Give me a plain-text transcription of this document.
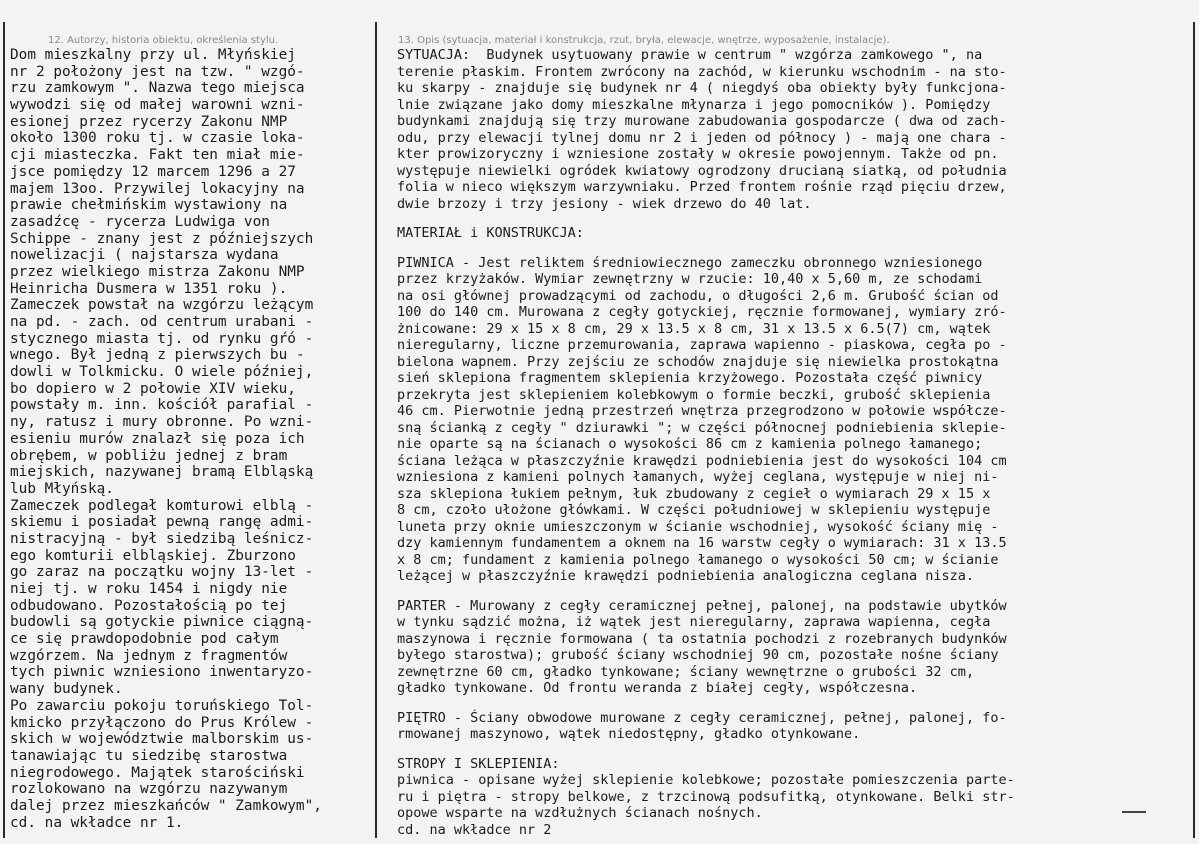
12. Autorzy, historia obiektu, określenia stylu.	13. Opis (sytuacja, materiał i konstrukcja, rzut, bryła, elewacje, wnętrze, wyposażenie, instalacje).
Dom mieszkalny przy ul. Młyńskiej
nr 2 położony jest na tzw. " wzgó-
rzu zamkowym ". Nazwa tego miejsca
wywodzi się od małej warowni wzni-
esionej przez rycerzy Zakonu NMP
około 1300 roku tj. w czasie loka-
cji miasteczka. Fakt ten miał mie-
jsce pomiędzy 12 marcem 1296 a 27
majem 13oo. Przywilej lokacyjny na
prawie chełmińskim wystawiony na
zasadźcę - rycerza Ludwiga von
Schippe - znany jest z późniejszych
nowelizacji ( najstarsza wydana
przez wielkiego mistrza Zakonu NMP
Heinricha Dusmera w 1351 roku ).
Zameczek powstał na wzgórzu leżącym
na pd. - zach. od centrum urabani -
stycznego miasta tj. od rynku gŕó -
wnego. Był jedną z pierwszych bu -
dowli w Tolkmicku. O wiele później,
bo dopiero w 2 połowie XIV wieku,
powstały m. inn. kościół parafial -
ny, ratusz i mury obronne. Po wzni-
esieniu murów znalazł się poza ich
obrębem, w pobliżu jednej z bram
miejskich, nazywanej bramą Elbląską
lub Młyńską.
Zameczek podlegał komturowi elblą -
skiemu i posiadał pewną rangę admi-
nistracyjną - był siedzibą leśnicz-
ego komturii elbląskiej. Zburzono
go zaraz na początku wojny 13-let -
niej tj. w roku 1454 i nigdy nie
odbudowano. Pozostałością po tej
budowli są gotyckie piwnice ciągną-
ce się prawdopodobnie pod całym
wzgórzem. Na jednym z fragmentów
tych piwnic wzniesiono inwentaryzo-
wany budynek.
Po zawarciu pokoju toruńskiego Tol-
kmicko przyłączono do Prus Królew -
skich w województwie malborskim us-
tanawiając tu siedzibę starostwa
niegrodowego. Majątek starościński
rozlokowano na wzgórzu nazywanym
dalej przez mieszkańców " Zamkowym",
cd. na wkładce nr 1.
SYTUACJA:  Budynek usytuowany prawie w centrum " wzgórza zamkowego ", na
terenie płaskim. Frontem zwrócony na zachód, w kierunku wschodnim - na sto-
ku skarpy - znajduje się budynek nr 4 ( niegdyś oba obiekty były funkcjona-
lnie związane jako domy mieszkalne młynarza i jego pomocników ). Pomiędzy
budynkami znajdują się trzy murowane zabudowania gospodarcze ( dwa od zach-
odu, przy elewacji tylnej domu nr 2 i jeden od północy ) - mają one chara -
kter prowizoryczny i wzniesione zostały w okresie powojennym. Także od pn.
występuje niewielki ogródek kwiatowy ogrodzony drucianą siatką, od południa
folia w nieco większym warzywniaku. Przed frontem rośnie rząd pięciu drzew,
dwie brzozy i trzy jesiony - wiek drzewo do 40 lat.
MATERIAŁ i KONSTRUKCJA:
PIWNICA - Jest reliktem średniowiecznego zameczku obronnego wzniesionego
przez krzyżaków. Wymiar zewnętrzny w rzucie: 10,40 x 5,60 m, ze schodami
na osi głównej prowadzącymi od zachodu, o długości 2,6 m. Grubość ścian od
100 do 140 cm. Murowana z cegły gotyckiej, ręcznie formowanej, wymiary zró-
żnicowane: 29 x 15 x 8 cm, 29 x 13.5 x 8 cm, 31 x 13.5 x 6.5(7) cm, wątek
nieregularny, liczne przemurowania, zaprawa wapienno - piaskowa, cegła po -
bielona wapnem. Przy zejściu ze schodów znajduje się niewielka prostokątna
sień sklepiona fragmentem sklepienia krzyżowego. Pozostała część piwnicy
przekryta jest sklepieniem kolebkowym o formie beczki, grubość sklepienia
46 cm. Pierwotnie jedną przestrzeń wnętrza przegrodzono w połowie współcze-
sną ścianką z cegły " dziurawki "; w części północnej podniebienia sklepie-
nie oparte są na ścianach o wysokości 86 cm z kamienia polnego łamanego;
ściana leżąca w płaszczyźnie krawędzi podniebienia jest do wysokości 104 cm
wzniesiona z kamieni polnych łamanych, wyżej ceglana, występuje w niej ni-
sza sklepiona łukiem pełnym, łuk zbudowany z cegieł o wymiarach 29 x 15 x
8 cm, czoło ułożone główkami. W części południowej w sklepieniu występuje
luneta przy oknie umieszczonym w ścianie wschodniej, wysokość ściany mię -
dzy kamiennym fundamentem a oknem na 16 warstw cegły o wymiarach: 31 x 13.5
x 8 cm; fundament z kamienia polnego łamanego o wysokości 50 cm; w ścianie
leżącej w płaszczyźnie krawędzi podniebienia analogiczna ceglana nisza.
PARTER - Murowany z cegły ceramicznej pełnej, palonej, na podstawie ubytków
w tynku sądzić można, iż wątek jest nieregularny, zaprawa wapienna, cegła
maszynowa i ręcznie formowana ( ta ostatnia pochodzi z rozebranych budynków
byłego starostwa); grubość ściany wschodniej 90 cm, pozostałe nośne ściany
zewnętrzne 60 cm, gładko tynkowane; ściany wewnętrzne o grubości 32 cm,
gładko tynkowane. Od frontu weranda z białej cegły, współczesna.
PIĘTRO - Ściany obwodowe murowane z cegły ceramicznej, pełnej, palonej, fo-
rmowanej maszynowo, wątek niedostępny, gładko otynkowane.
STROPY I SKLEPIENIA:
piwnica - opisane wyżej sklepienie kolebkowe; pozostałe pomieszczenia parte-
ru i piętra - stropy belkowe, z trzcinową podsufitką, otynkowane. Belki str-
opowe wsparte na wzdłużnych ścianach nośnych.
cd. na wkładce nr 2
